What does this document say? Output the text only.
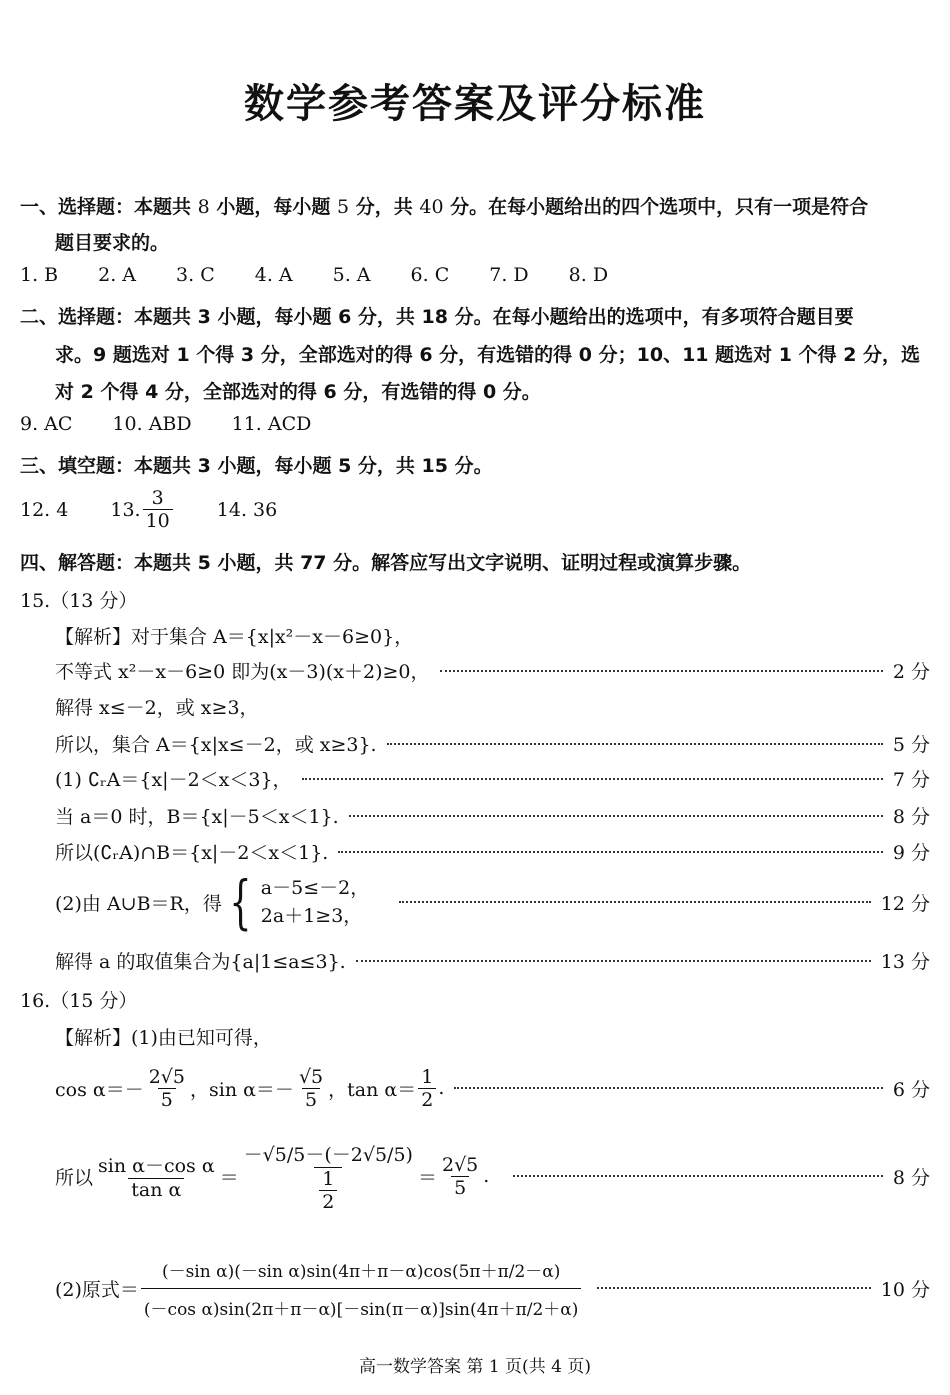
数学参考答案及评分标准
一、选择题：本题共 8 小题，每小题 5 分，共 40 分。在每小题给出的四个选项中，只有一项是符合
题目要求的。
1. B 2. A 3. C 4. A 5. A 6. C 7. D 8. D
二、选择题：本题共 3 小题，每小题 6 分，共 18 分。在每小题给出的选项中，有多项符合题目要
求。9 题选对 1 个得 3 分，全部选对的得 6 分，有选错的得 0 分；10、11 题选对 1 个得 2 分，选
对 2 个得 4 分，全部选对的得 6 分，有选错的得 0 分。
9. AC 10. ABD 11. ACD
三、填空题：本题共 3 小题，每小题 5 分，共 15 分。
12. 4 13. $\frac{3}{10} 14$. 36
四、解答题：本题共 5 小题，共 77 分。解答应写出文字说明、证明过程或演算步骤。
15.（13 分）
【解析】对于集合 A＝{x|x²－x－6≥0}，
不等式 x²－x－6≥0 即为(x－3)(x＋2)≥0，	2 分
解得 x≤－2，或 x≥3，
所以，集合 A＝{x|x≤－2，或 x≥3}.	5 分
(1) ∁ᵣA＝{x|－2＜x＜3}，	7 分
当 a＝0 时，B＝{x|－5＜x＜1}.	8 分
所以(∁ᵣA)∩B＝{x|－2＜x＜1}.	9 分
(2)由 A∪B＝R，得 { a－5≤－2，
2a＋1≥3，
12 分
解得 a 的取值集合为{a|1≤a≤3}.	13 分
16.（15 分）
【解析】(1)由已知可得，
$\cos \alpha=- \frac{2√5}{5}$ ，$\sin \alpha=- \frac{√5}{5}$ ，$\tan \alpha= \frac{1}{2}$ .	6 分
所以 $\frac{\text{sin α－cos α}}{\text{tan α}} = \frac{-√5/5-(-2√5/5)}{\frac{1}{2}} = \frac{2√5}{5}$ .	8 分
(2)原式＝ $\frac{\text{(－sin α)(－sin α)sin(4π＋π－α)cos(5π＋π/2－α)}}{\text{(－cos α)sin(2π＋π－α)[－sin(π－α)]sin(4π＋π/2＋α)}}$	10 分
高一数学答案 第 1 页(共 4 页)
